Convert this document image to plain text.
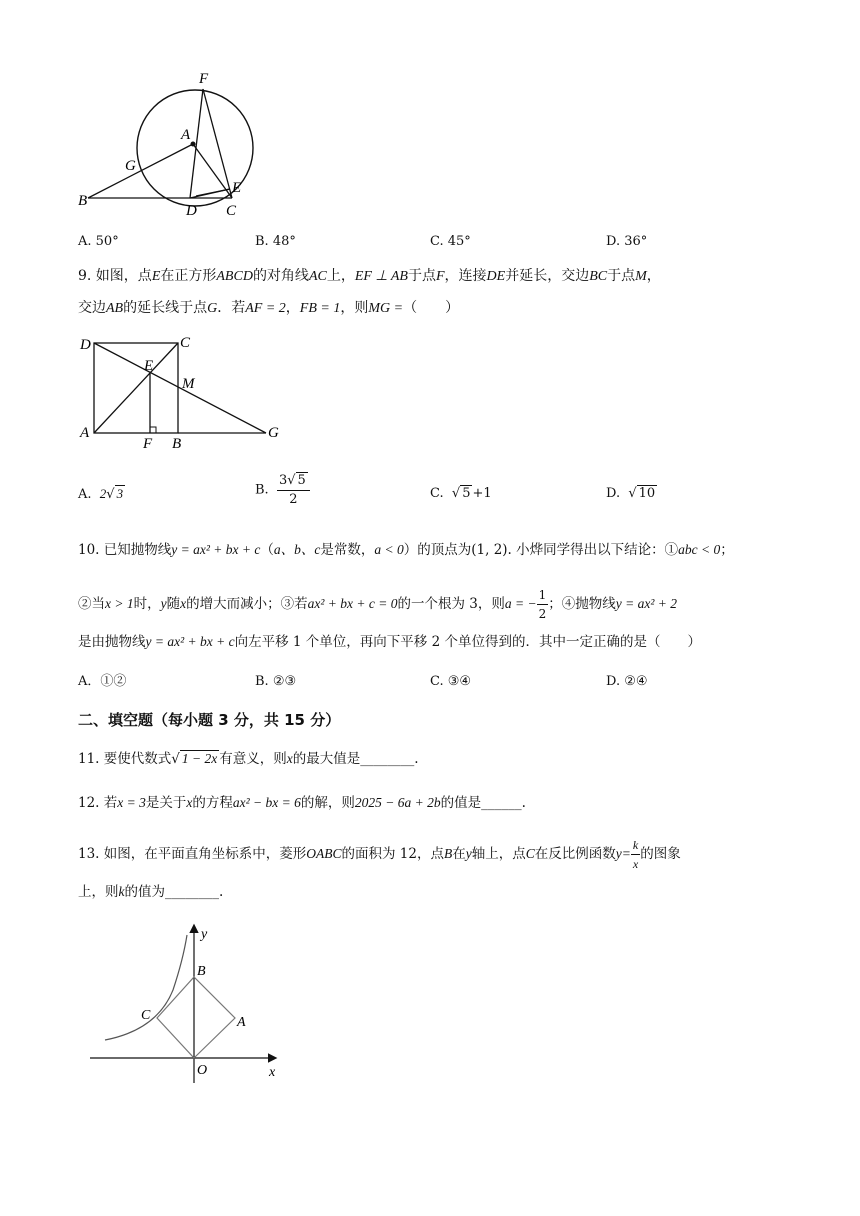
F
A
G
E
B
D C
A. 50°	B. 48°	C. 45°	D. 36°
9. 如图，点E在正方形ABCD的对角线AC上，EF ⊥ AB于点F，连接DE并延长，交边BC于点M，
交边AB的延长线于点G．若AF = 2，FB = 1，则MG =（　　）
D	C
E
M
A
F B
G
A. 2√ 3	B. $\frac{3√ 5}{2}$	C. √ 5 +1	D. √ 10
10. 已知抛物线y = ax² + bx + c（a、b、c是常数，a < 0）的顶点为(1, 2). 小烨同学得出以下结论：①abc < 0；
②当x > 1时，y随x的增大而减小；③若ax² + bx + c = 0的一个根为 3，则a = − $\frac{1}{2}$ ；④抛物线y = ax² + 2
是由抛物线y = ax² + bx + c向左平移 1 个单位，再向下平移 2 个单位得到的．其中一定正确的是（　　）
A．①②	B. ②③	C. ③④	D. ②④
二、填空题（每小题 3 分，共 15 分）
11. 要使代数式√ 1 − 2x 有意义，则x的最大值是________.
12. 若x = 3是关于x的方程ax² − bx = 6的解，则2025 − 6a + 2b的值是______.
13. 如图，在平面直角坐标系中，菱形OABC的面积为 12，点B在y轴上，点C在反比例函数$y= \frac{k}{x}$ 的图象
上，则k的值为________.
y
x
B
C	A
O
